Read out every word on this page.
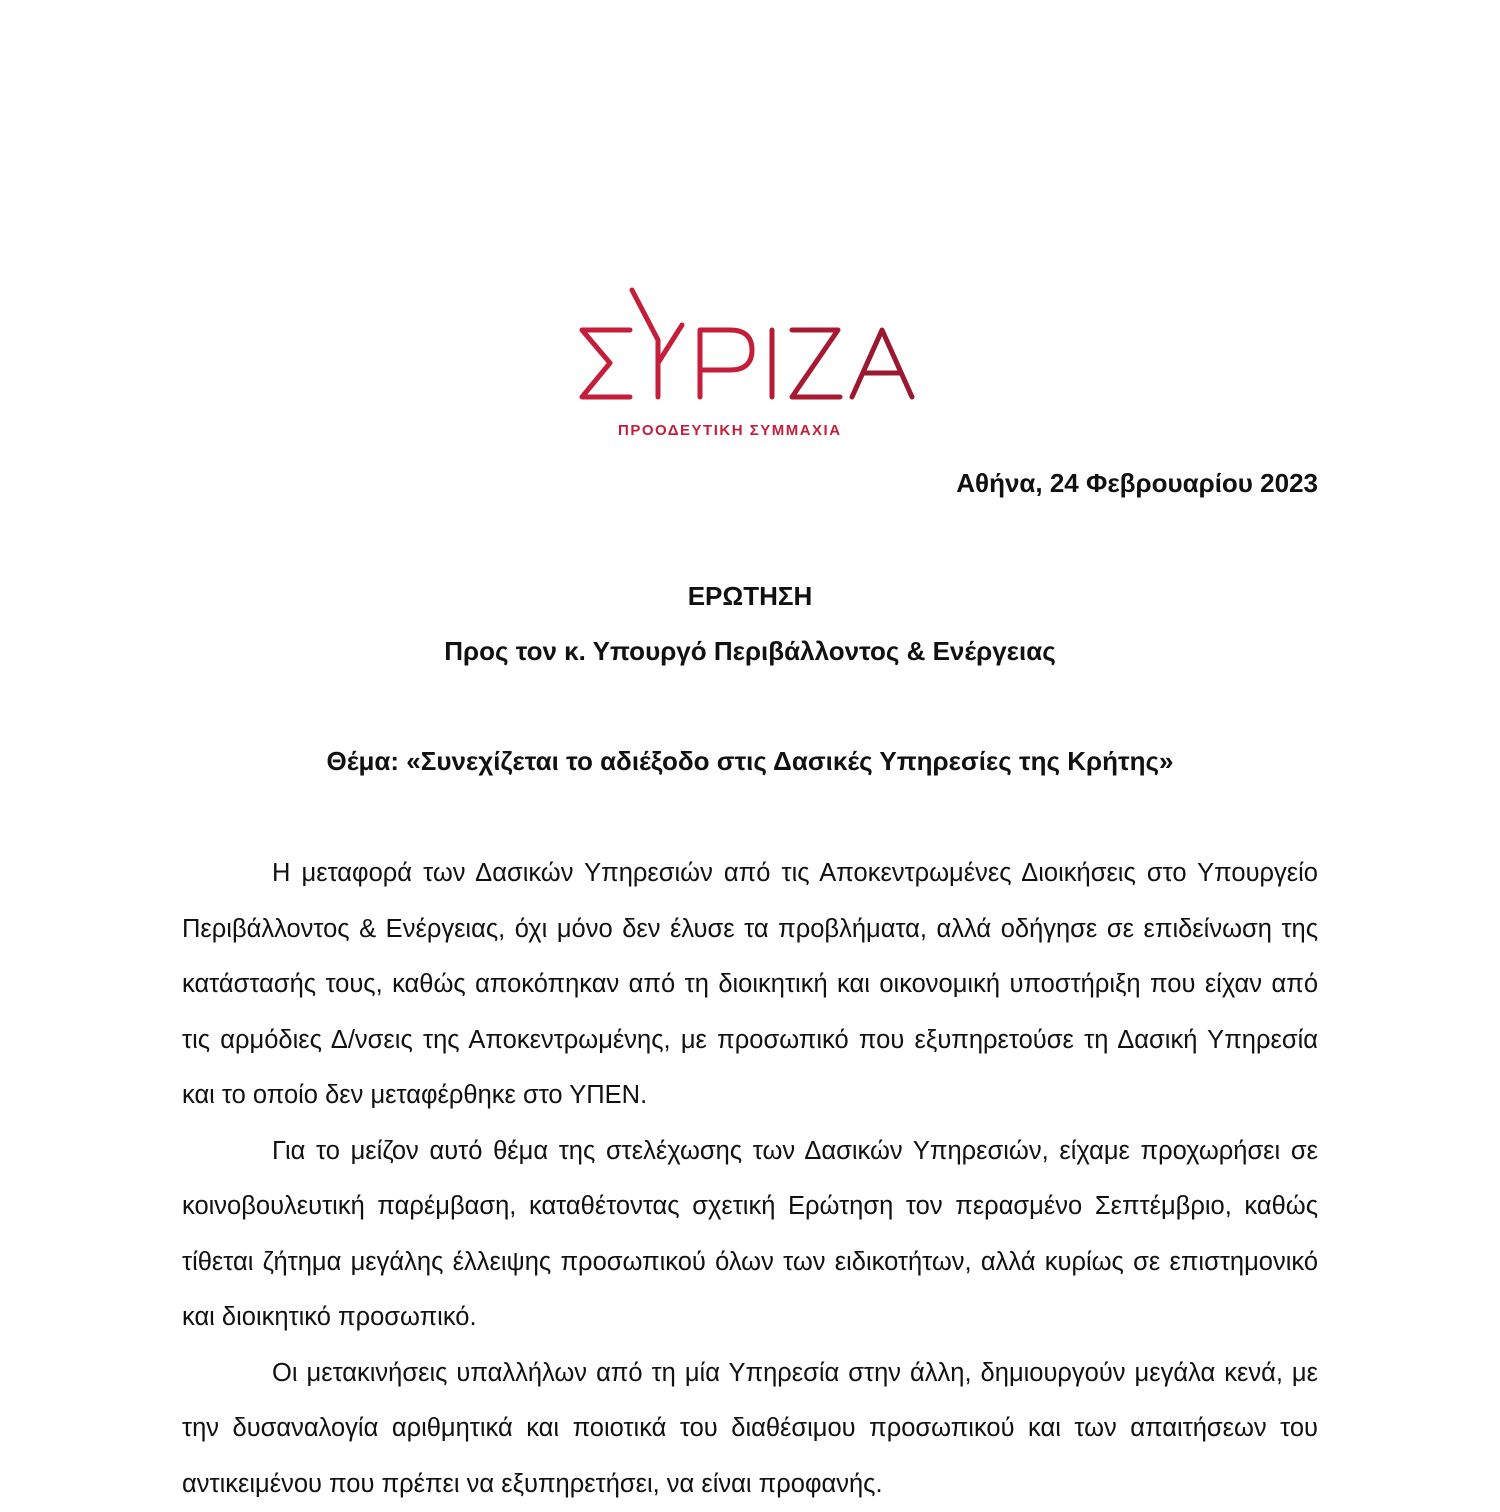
ΠΡΟΟΔΕΥΤΙΚΗ ΣΥΜΜΑΧΙΑ
Αθήνα, 24 Φεβρουαρίου 2023
ΕΡΩΤΗΣΗ
Προς τον κ. Υπουργό Περιβάλλοντος & Ενέργειας
Θέμα: «Συνεχίζεται το αδιέξοδο στις Δασικές Υπηρεσίες της Κρήτης»

Η μεταφορά των Δασικών Υπηρεσιών από τις Αποκεντρωμένες Διοικήσεις στο Υπουργείο Περιβάλλοντος & Ενέργειας, όχι μόνο δεν έλυσε τα προβλήματα, αλλά οδήγησε σε επιδείνωση της κατάστασής τους, καθώς αποκόπηκαν από τη διοικητική και οικονομική υποστήριξη που είχαν από τις αρμόδιες Δ/νσεις της Αποκεντρωμένης, με προσωπικό που εξυπηρετούσε τη Δασική Υπηρεσία και το οποίο δεν μεταφέρθηκε στο ΥΠΕΝ.

Για το μείζον αυτό θέμα της στελέχωσης των Δασικών Υπηρεσιών, είχαμε προχωρήσει σε κοινοβουλευτική παρέμβαση, καταθέτοντας σχετική Ερώτηση τον περασμένο Σεπτέμβριο, καθώς τίθεται ζήτημα μεγάλης έλλειψης προσωπικού όλων των ειδικοτήτων, αλλά κυρίως σε επιστημονικό και διοικητικό προσωπικό.

Οι μετακινήσεις υπαλλήλων από τη μία Υπηρεσία στην άλλη, δημιουργούν μεγάλα κενά, με την δυσαναλογία αριθμητικά και ποιοτικά του διαθέσιμου προσωπικού και των απαιτήσεων του αντικειμένου που πρέπει να εξυπηρετήσει, να είναι προφανής.
